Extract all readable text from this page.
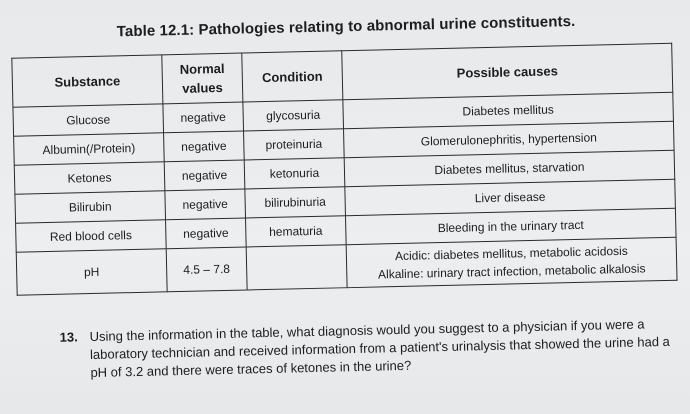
Table 12.1: Pathologies relating to abnormal urine constituents.
Substance	Normal values	Condition	Possible causes
Glucose	negative	glycosuria	Diabetes mellitus
Albumin(/Protein)	negative	proteinuria	Glomerulonephritis, hypertension
Ketones	negative	ketonuria	Diabetes mellitus, starvation
Bilirubin	negative	bilirubinuria	Liver disease
Red blood cells	negative	hematuria	Bleeding in the urinary tract
pH	4.5 – 7.8		Acidic: diabetes mellitus, metabolic acidosis
Alkaline: urinary tract infection, metabolic alkalosis
13. Using the information in the table, what diagnosis would you suggest to a physician if you were a laboratory technician and received information from a patient's urinalysis that showed the urine had a pH of 3.2 and there were traces of ketones in the urine?
